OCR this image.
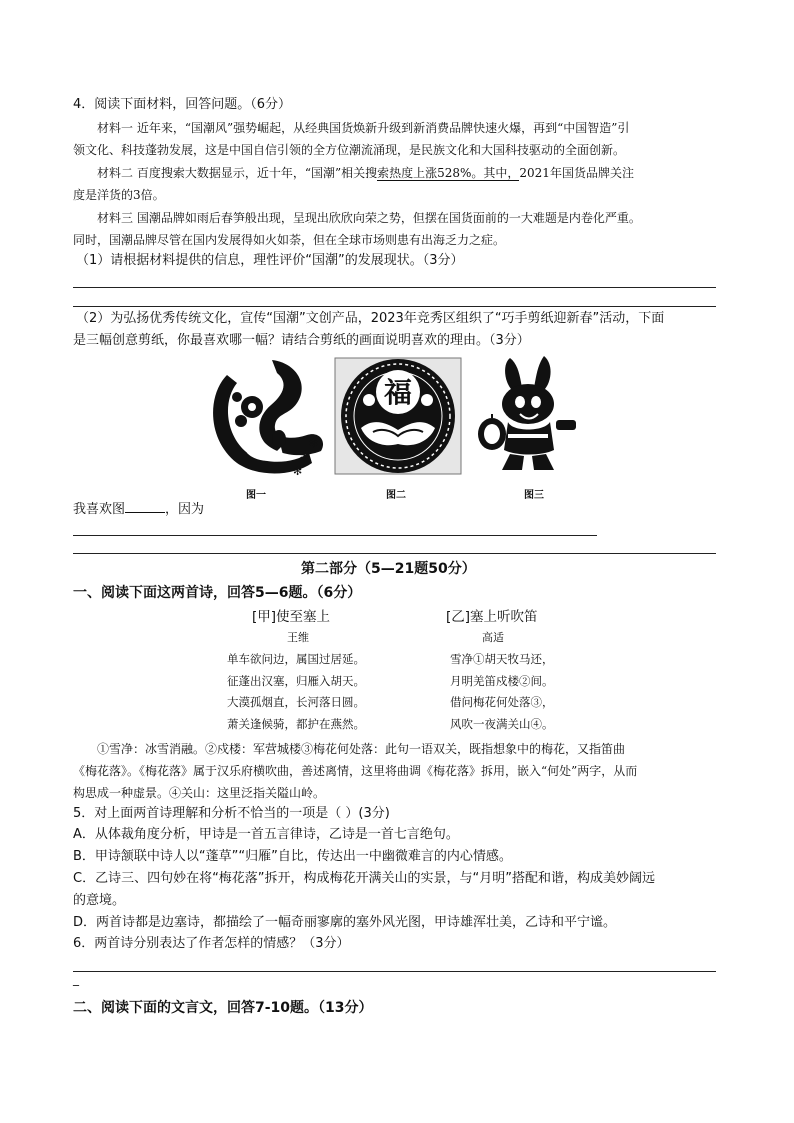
4．阅读下面材料，回答问题。（6分）
材料一 近年来，“国潮风”强势崛起，从经典国货焕新升级到新消费品牌快速火爆，再到“中国智造”引
领文化、科技蓬勃发展，这是中国自信引领的全方位潮流涌现，是民族文化和大国科技驱动的全面创新。
材料二 百度搜索大数据显示，近十年，“国潮”相关搜索热度上涨528%。其中，2021年国货品牌关注
度是洋货的3倍。
材料三 国潮品牌如雨后春笋般出现，呈现出欣欣向荣之势，但摆在国货面前的一大难题是内卷化严重。
同时，国潮品牌尽管在国内发展得如火如荼，但在全球市场则患有出海乏力之症。
（1）请根据材料提供的信息，理性评价“国潮”的发展现状。（3分）
（2）为弘扬优秀传统文化，宣传“国潮”文创产品，2023年竞秀区组织了“巧手剪纸迎新春”活动，下面
是三幅创意剪纸，你最喜欢哪一幅？请结合剪纸的画面说明喜欢的理由。（3分）
✻
✻
✻
图一
福
图二	图三
我喜欢图	，因为
第二部分（5—21题50分）
一、阅读下面这两首诗，回答5—6题。（6分）
[甲]使至塞上
王维
单车欲问边，属国过居延。
征蓬出汉塞，归雁入胡天。
大漠孤烟直，长河落日圆。
萧关逢候骑，都护在燕然。
[乙]塞上听吹笛
高适
雪净①胡天牧马还，
月明羌笛戍楼②间。
借问梅花何处落③，
风吹一夜满关山④。
①雪净：冰雪消融。②戍楼：军营城楼③梅花何处落：此句一语双关，既指想象中的梅花，又指笛曲
《梅花落》。《梅花落》属于汉乐府横吹曲，善述离情，这里将曲调《梅花落》拆用，嵌入“何处”两字，从而
构思成一种虚景。④关山：这里泛指关隘山岭。
5．对上面两首诗理解和分析不恰当的一项是（ ）(3分)
A．从体裁角度分析，甲诗是一首五言律诗，乙诗是一首七言绝句。
B．甲诗颔联中诗人以“蓬草”“归雁”自比，传达出一中幽微难言的内心情感。
C．乙诗三、四句妙在将“梅花落”拆开，构成梅花开满关山的实景，与“月明”搭配和谐，构成美妙阔远
的意境。
D．两首诗都是边塞诗，都描绘了一幅奇丽寥廓的塞外风光图，甲诗雄浑壮美，乙诗和平宁谧。
6．两首诗分别表达了作者怎样的情感？（3分）
_
二、阅读下面的文言文，回答7-10题。（13分）
